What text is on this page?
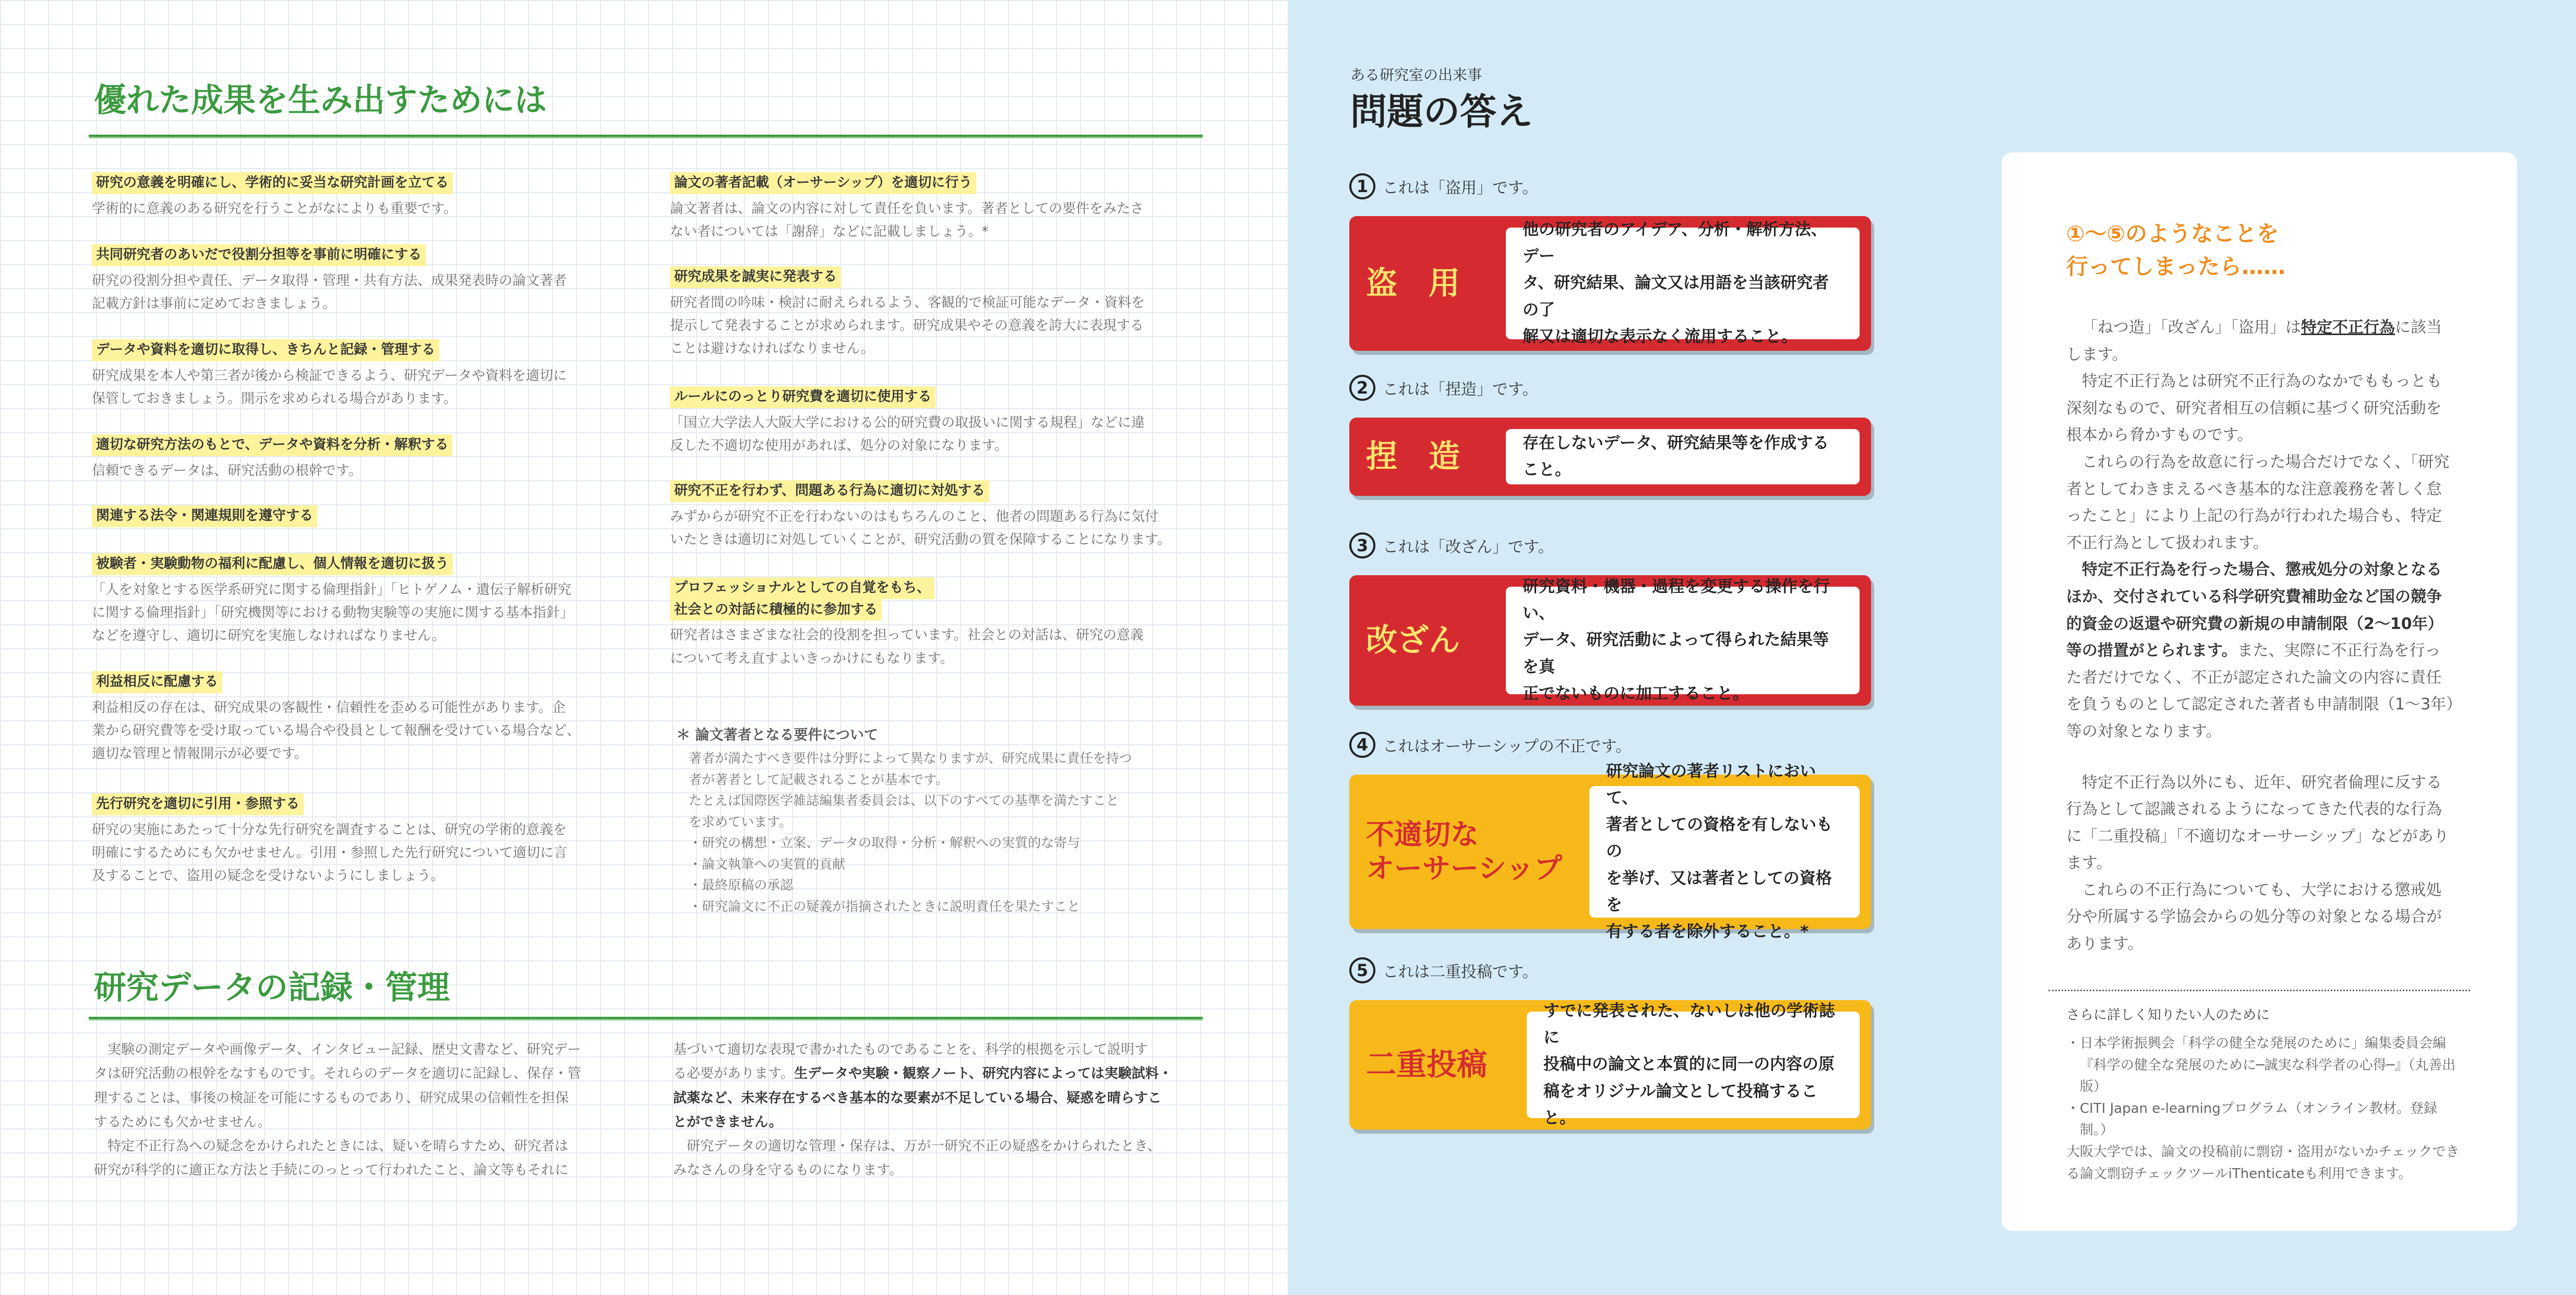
優れた成果を生み出すためには
研究の意義を明確にし、学術的に妥当な研究計画を立てる
学術的に意義のある研究を行うことがなによりも重要です。
共同研究者のあいだで役割分担等を事前に明確にする
研究の役割分担や責任、データ取得・管理・共有方法、成果発表時の論文著者
記載方針は事前に定めておきましょう。
データや資料を適切に取得し、きちんと記録・管理する
研究成果を本人や第三者が後から検証できるよう、研究データや資料を適切に
保管しておきましょう。開示を求められる場合があります。
適切な研究方法のもとで、データや資料を分析・解釈する
信頼できるデータは、研究活動の根幹です。
関連する法令・関連規則を遵守する
被験者・実験動物の福利に配慮し、個人情報を適切に扱う
「人を対象とする医学系研究に関する倫理指針」「ヒトゲノム・遺伝子解析研究
に関する倫理指針」「研究機関等における動物実験等の実施に関する基本指針」
などを遵守し、適切に研究を実施しなければなりません。
利益相反に配慮する
利益相反の存在は、研究成果の客観性・信頼性を歪める可能性があります。企
業から研究費等を受け取っている場合や役員として報酬を受けている場合など、
適切な管理と情報開示が必要です。
先行研究を適切に引用・参照する
研究の実施にあたって十分な先行研究を調査することは、研究の学術的意義を
明確にするためにも欠かせません。引用・参照した先行研究について適切に言
及することで、盗用の疑念を受けないようにしましょう。
論文の著者記載（オーサーシップ）を適切に行う
論文著者は、論文の内容に対して責任を負います。著者としての要件をみたさ
ない者については「謝辞」などに記載しましょう。*
研究成果を誠実に発表する
研究者間の吟味・検討に耐えられるよう、客観的で検証可能なデータ・資料を
提示して発表することが求められます。研究成果やその意義を誇大に表現する
ことは避けなければなりません。
ルールにのっとり研究費を適切に使用する
「国立大学法人大阪大学における公的研究費の取扱いに関する規程」などに違
反した不適切な使用があれば、処分の対象になります。
研究不正を行わず、問題ある行為に適切に対処する
みずからが研究不正を行わないのはもちろんのこと、他者の問題ある行為に気付
いたときは適切に対処していくことが、研究活動の質を保障することになります。
プロフェッショナルとしての自覚をもち、
社会との対話に積極的に参加する
研究者はさまざまな社会的役割を担っています。社会との対話は、研究の意義
について考え直すよいきっかけにもなります。
＊ 論文著者となる要件について
著者が満たすべき要件は分野によって異なりますが、研究成果に責任を持つ
者が著者として記載されることが基本です。
たとえば国際医学雑誌編集者委員会は、以下のすべての基準を満たすこと
を求めています。
・研究の構想・立案、データの取得・分析・解釈への実質的な寄与
・論文執筆への実質的貢献
・最終原稿の承認
・研究論文に不正の疑義が指摘されたときに説明責任を果たすこと
研究データの記録・管理
　実験の測定データや画像データ、インタビュー記録、歴史文書など、研究デー
タは研究活動の根幹をなすものです。それらのデータを適切に記録し、保存・管
理することは、事後の検証を可能にするものであり、研究成果の信頼性を担保
するためにも欠かせません。
　特定不正行為への疑念をかけられたときには、疑いを晴らすため、研究者は
研究が科学的に適正な方法と手続にのっとって行われたこと、論文等もそれに
基づいて適切な表現で書かれたものであることを、科学的根拠を示して説明す
る必要があります。生データや実験・観察ノート、研究内容によっては実験試料・
試薬など、未来存在するべき基本的な要素が不足している場合、疑惑を晴らすこ
とができません。
　研究データの適切な管理・保存は、万が一研究不正の疑惑をかけられたとき、
みなさんの身を守るものになります。
ある研究室の出来事
問題の答え
1 これは「盗用」です。
盗　用
他の研究者のアイデア、分析・解析方法、デー
タ、研究結果、論文又は用語を当該研究者の了
解又は適切な表示なく流用すること。
2 これは「捏造」です。
捏　造	存在しないデータ、研究結果等を作成すること。
3 これは「改ざん」です。
改ざん
研究資料・機器・過程を変更する操作を行い、
データ、研究活動によって得られた結果等を真
正でないものに加工すること。
4 これはオーサーシップの不正です。
不適切な
オーサーシップ
研究論文の著者リストにおいて、
著者としての資格を有しないもの
を挙げ、又は著者としての資格を
有する者を除外すること。*
5 これは二重投稿です。
二重投稿
すでに発表された、ないしは他の学術誌に
投稿中の論文と本質的に同一の内容の原
稿をオリジナル論文として投稿すること。
①〜⑤のようなことを
行ってしまったら……

「ねつ造」「改ざん」「盗用」は特定不正行為に該当します。

特定不正行為とは研究不正行為のなかでももっとも深刻なもので、研究者相互の信頼に基づく研究活動を根本から脅かすものです。

これらの行為を故意に行った場合だけでなく、「研究者としてわきまえるべき基本的な注意義務を著しく怠ったこと」により上記の行為が行われた場合も、特定不正行為として扱われます。

特定不正行為を行った場合、懲戒処分の対象となるほか、交付されている科学研究費補助金など国の競争的資金の返還や研究費の新規の申請制限（2〜10年）等の措置がとられます。また、実際に不正行為を行った者だけでなく、不正が認定された論文の内容に責任を負うものとして認定された著者も申請制限（1〜3年）等の対象となります。

特定不正行為以外にも、近年、研究者倫理に反する行為として認識されるようになってきた代表的な行為に「二重投稿」「不適切なオーサーシップ」などがあります。

これらの不正行為についても、大学における懲戒処分や所属する学協会からの処分等の対象となる場合があります。

さらに詳しく知りたい人のために
・日本学術振興会「科学の健全な発展のために」編集委員会編『科学の健全な発展のために─誠実な科学者の心得─』（丸善出版）
・CITI Japan e-learningプログラム（オンライン教材。登録制。）
大阪大学では、論文の投稿前に剽窃・盗用がないかチェックできる論文剽窃チェックツールiThenticateも利用できます。
